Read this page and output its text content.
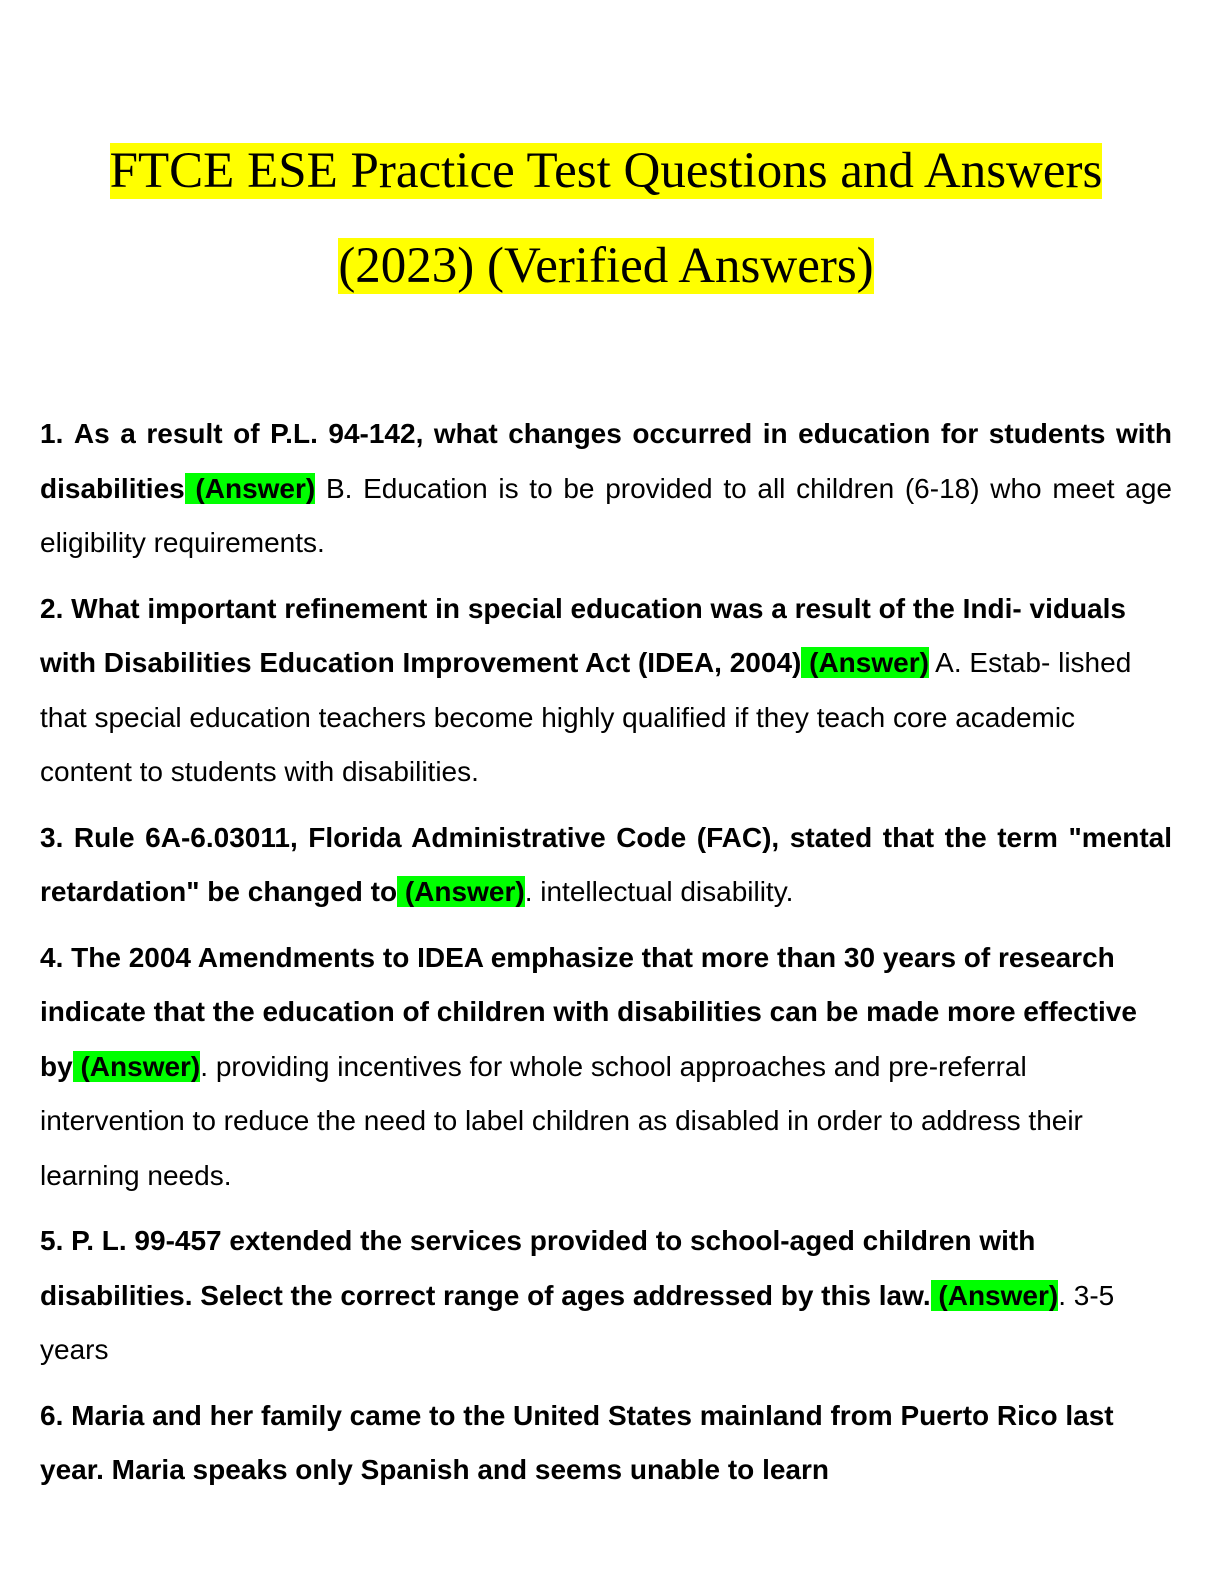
FTCE ESE Practice Test Questions and Answers
(2023) (Verified Answers)

1. As a result of P.L. 94-142, what changes occurred in education for students with disabilities (Answer) B. Education is to be provided to all children (6-18) who meet age eligibility requirements.

2. What important refinement in special education was a result of the Indi- viduals with Disabilities Education Improvement Act (IDEA, 2004) (Answer) A. Estab- lished that special education teachers become highly qualified if they teach core academic content to students with disabilities.

3. Rule 6A-6.03011, Florida Administrative Code (FAC), stated that the term "mental retardation" be changed to (Answer). intellectual disability.

4. The 2004 Amendments to IDEA emphasize that more than 30 years of research indicate that the education of children with disabilities can be made more effective by (Answer). providing incentives for whole school approaches and pre-referral intervention to reduce the need to label children as disabled in order to address their learning needs.

5. P. L. 99-457 extended the services provided to school-aged children with disabilities. Select the correct range of ages addressed by this law. (Answer). 3-5 years

6. Maria and her family came to the United States mainland from Puerto Rico last year. Maria speaks only Spanish and seems unable to learn
